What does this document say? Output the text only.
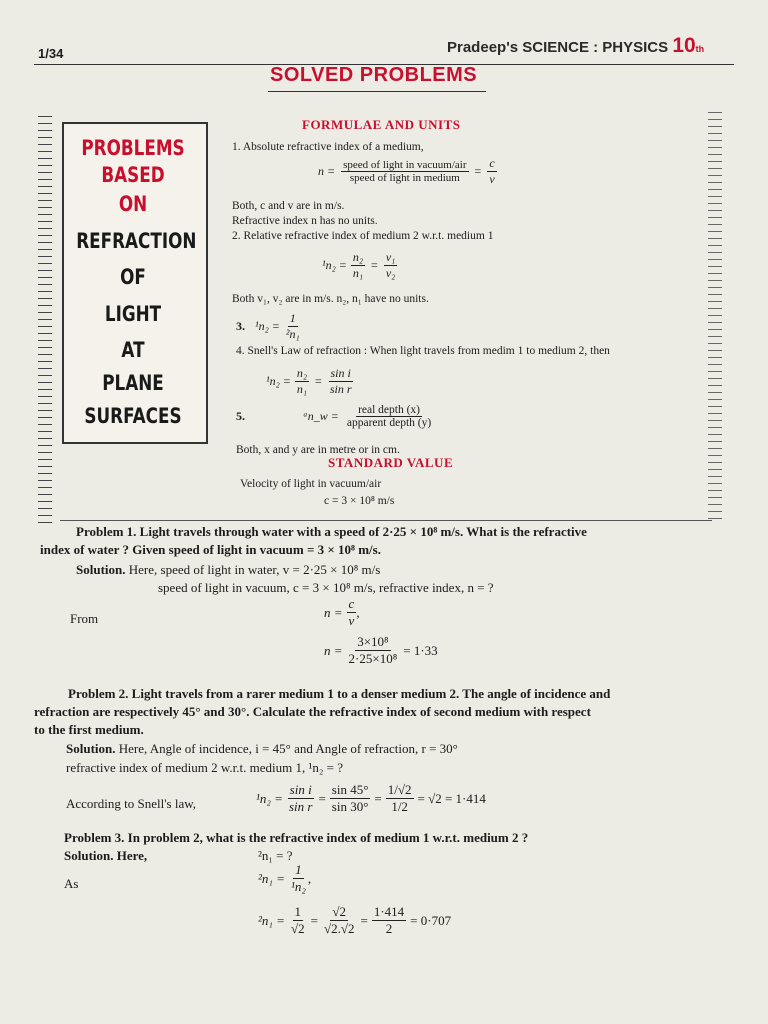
1/34	Pradeep's SCIENCE : PHYSICS 10th
SOLVED PROBLEMS
PROBLEMS
BASED
ON
REFRACTION
OF
LIGHT
AT
PLANE
SURFACES
FORMULAE AND UNITS
1. Absolute refractive index of a medium,
$n = \frac{\text{speed of light in vacuum/air}}{\text{speed of light in medium}} = \frac{c}{v}$
Both, c and v are in m/s.
Refractive index n has no units.
2. Relative refractive index of medium 2 w.r.t. medium 1
$^1n_2 = \frac{\text{n₂}}{\text{n₁}} = \frac{\text{v₁}}{\text{v₂}}$
Both v₁, v₂ are in m/s. n₂, n₁ have no units.
3. $^1n_2 = \frac{1}{\text{²n₁}}$
4. Snell's Law of refraction : When light travels from medim 1 to medium 2, then
$^1n_2 = \frac{\text{n₂}}{\text{n₁}} = \frac{\text{sin i}}{\text{sin r}}$
5.	ᵃn_w = $\frac{\text{real depth (x)}}{\text{apparent depth (y)}}$
Both, x and y are in metre or in cm.
STANDARD VALUE
Velocity of light in vacuum/air
c = 3 × 10⁸ m/s
Problem 1. Light travels through water with a speed of 2·25 × 10⁸ m/s. What is the refractive
index of water ? Given speed of light in vacuum = 3 × 10⁸ m/s.
Solution. Here, speed of light in water, v = 2·25 × 10⁸ m/s
speed of light in vacuum, c = 3 × 10⁸ m/s, refractive index, n = ?
From	$n = \frac{c}{v}$ ,
$n = \frac{\text{3×10⁸}}{\text{2·25×10⁸}} = 1\cdot 33$
Problem 2. Light travels from a rarer medium 1 to a denser medium 2. The angle of incidence and
refraction are respectively 45° and 30°. Calculate the refractive index of second medium with respect
to the first medium.
Solution. Here, Angle of incidence, i = 45° and Angle of refraction, r = 30°
refractive index of medium 2 w.r.t. medium 1, ¹n₂ = ?
According to Snell's law,	$^1n_2 = \frac{\text{sin i}}{\text{sin r}} = \frac{\sin 45^\circ}{\sin 30^\circ} = \frac{1/√2}{1/2} = √2 = 1\cdot 414$
Problem 3. In problem 2, what is the refractive index of medium 1 w.r.t. medium 2 ?
Solution. Here,	²n₁ = ?
As	$^2n_1 = \frac{1}{\text{¹n₂}}$ ,
$^2n_1 = \frac{1}{√2} = \frac{√2}{√2.√2} = \frac{1\cdot 414}{2} = 0\cdot 707$
